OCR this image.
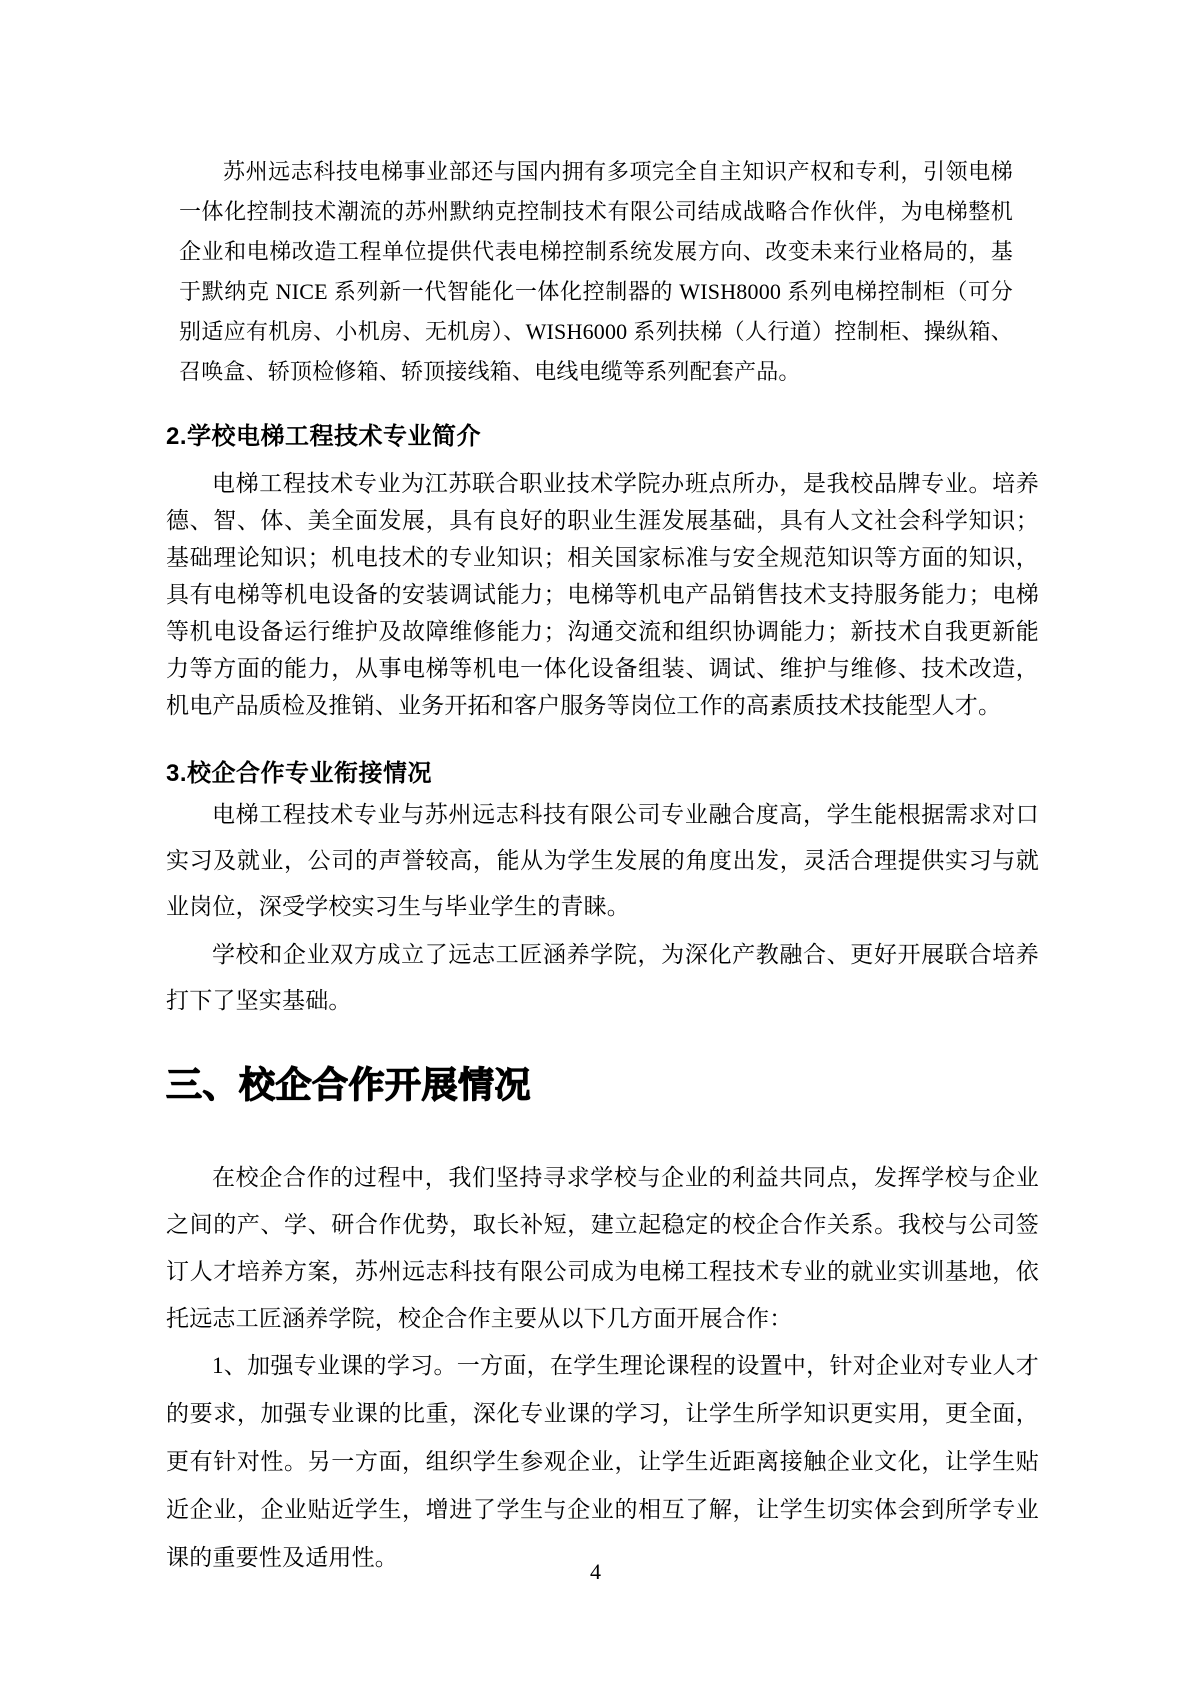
苏州远志科技电梯事业部还与国内拥有多项完全自主知识产权和专利，引领电梯一体化控制技术潮流的苏州默纳克控制技术有限公司结成战略合作伙伴，为电梯整机企业和电梯改造工程单位提供代表电梯控制系统发展方向、改变未来行业格局的，基于默纳克 NICE 系列新一代智能化一体化控制器的 WISH8000 系列电梯控制柜（可分别适应有机房、小机房、无机房）、WISH6000 系列扶梯（人行道）控制柜、操纵箱、召唤盒、轿顶检修箱、轿顶接线箱、电线电缆等系列配套产品。

2.学校电梯工程技术专业简介

电梯工程技术专业为江苏联合职业技术学院办班点所办，是我校品牌专业。培养德、智、体、美全面发展，具有良好的职业生涯发展基础，具有人文社会科学知识；基础理论知识；机电技术的专业知识；相关国家标准与安全规范知识等方面的知识，具有电梯等机电设备的安装调试能力；电梯等机电产品销售技术支持服务能力；电梯等机电设备运行维护及故障维修能力；沟通交流和组织协调能力；新技术自我更新能力等方面的能力，从事电梯等机电一体化设备组装、调试、维护与维修、技术改造，机电产品质检及推销、业务开拓和客户服务等岗位工作的高素质技术技能型人才。

3.校企合作专业衔接情况

电梯工程技术专业与苏州远志科技有限公司专业融合度高，学生能根据需求对口实习及就业，公司的声誉较高，能从为学生发展的角度出发，灵活合理提供实习与就业岗位，深受学校实习生与毕业学生的青睐。

学校和企业双方成立了远志工匠涵养学院，为深化产教融合、更好开展联合培养打下了坚实基础。

三、校企合作开展情况

在校企合作的过程中，我们坚持寻求学校与企业的利益共同点，发挥学校与企业之间的产、学、研合作优势，取长补短，建立起稳定的校企合作关系。我校与公司签订人才培养方案，苏州远志科技有限公司成为电梯工程技术专业的就业实训基地，依托远志工匠涵养学院，校企合作主要从以下几方面开展合作：

1、加强专业课的学习。一方面，在学生理论课程的设置中，针对企业对专业人才的要求，加强专业课的比重，深化专业课的学习，让学生所学知识更实用，更全面，更有针对性。另一方面，组织学生参观企业，让学生近距离接触企业文化，让学生贴近企业，企业贴近学生，增进了学生与企业的相互了解，让学生切实体会到所学专业课的重要性及适用性。

4
